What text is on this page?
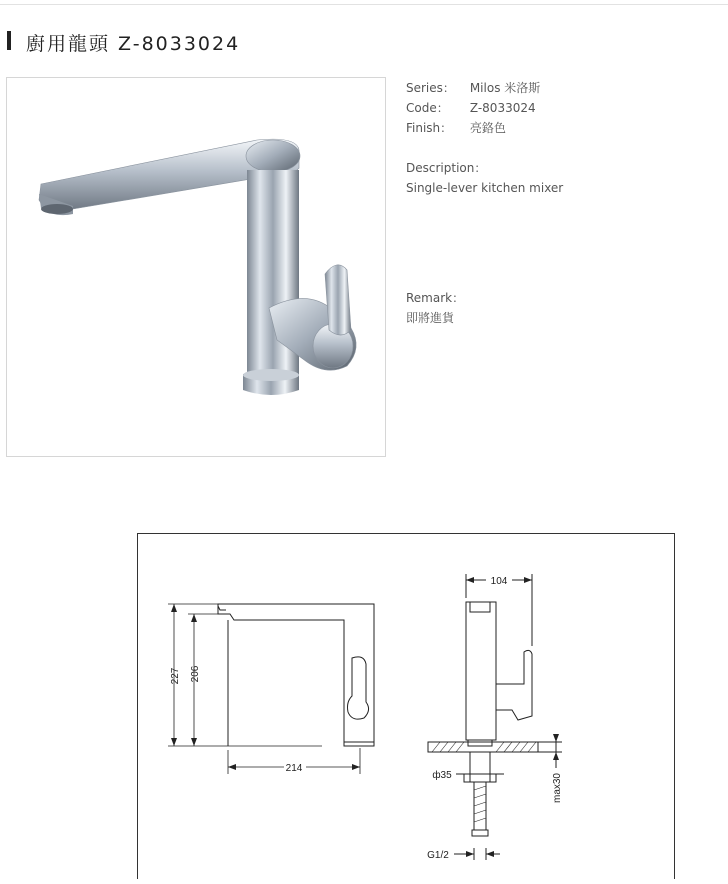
廚用龍頭 Z-8033024
Series： Milos 米洛斯
Code： Z-8033024
Finish： 亮鉻色
Description：
Single-lever kitchen mixer
Remark：
即將進貨
227 206
214
104
ф35	max30
G1/2
